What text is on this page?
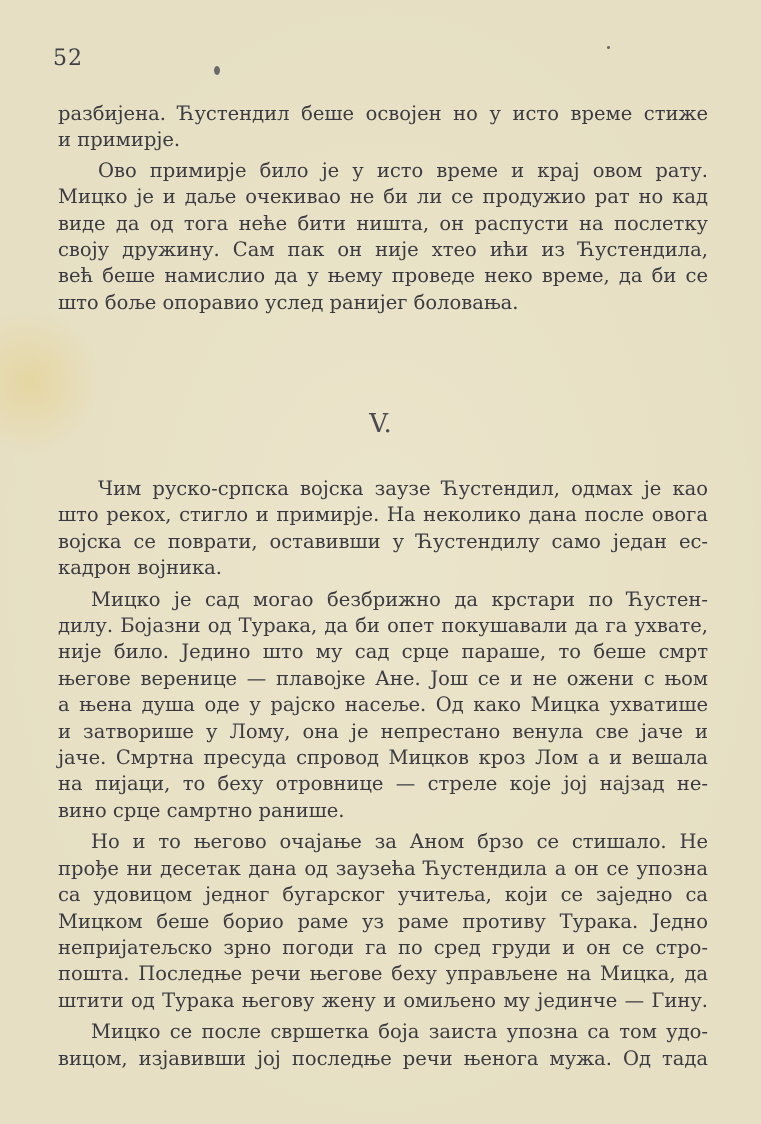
52
разбијена. Ћустендил беше освојен но у исто време стиже
и примирје.
Ово примирје било је у исто време и крај овом рату.
Мицко је и даље очекивао не би ли се продужио рат но кад
виде да од тога неће бити ништа, он распусти на послетку
своју дружину. Сам пак он није хтео ићи из Ћустендила,
већ беше намислио да у њему проведе неко време, да би се
што боље опоравио услед ранијег боловања.
V.
Чим руско-српска војска заузе Ћустендил, одмах је као
што рекох, стигло и примирје. На неколико дана после овога
војска се поврати, оставивши у Ћустендилу само један ес-
кадрон војника.
Мицко је сад могао безбрижно да крстари по Ћустен-
дилу. Бојазни од Турака, да би опет покушавали да га ухвате,
није било. Једино што му сад срце параше, то беше смрт
његове веренице — плавојке Ане. Још се и не ожени с њом
а њена душа оде у рајско насеље. Од како Мицка ухватише
и затворише у Лому, она је непрестано венула све јаче и
јаче. Смртна пресуда спровод Мицков кроз Лом а и вешала
на пијаци, то беху отровнице — стреле које јој најзад не-
вино срце самртно ранише.
Но и то његово очајање за Аном брзо се стишало. Не
прође ни десетак дана од заузећа Ћустендила а он се упозна
са удовицом једног бугарског учитеља, који се заједно са
Мицком беше борио раме уз раме противу Турака. Једно
непријатељско зрно погоди га по сред груди и он се стро-
пошта. Последње речи његове беху управљене на Мицка, да
штити од Турака његову жену и омиљено му јединче — Гину.
Мицко се после свршетка боја заиста упозна са том удо-
вицом, изјавивши јој последње речи њенога мужа. Од тада
